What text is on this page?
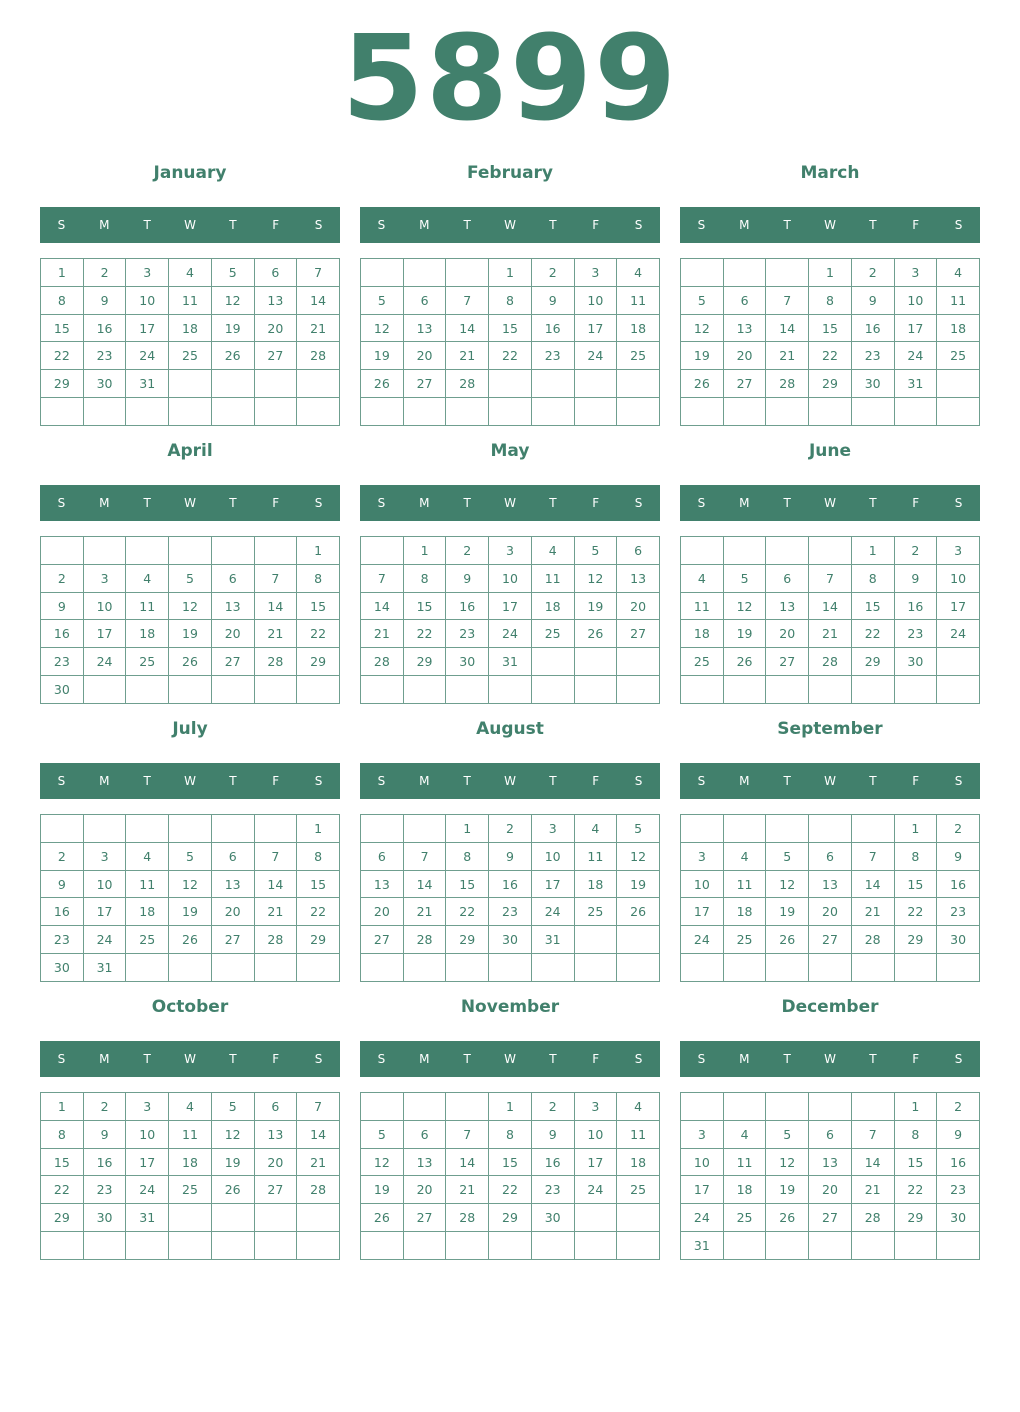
5899
January
S	M	T	W	T	F	S
1	2	3	4	5	6	7
8	9	10	11	12	13	14
15	16	17	18	19	20	21
22	23	24	25	26	27	28
29	30	31				

February
S	M	T	W	T	F	S
			1	2	3	4
5	6	7	8	9	10	11
12	13	14	15	16	17	18
19	20	21	22	23	24	25
26	27	28				

March
S	M	T	W	T	F	S
			1	2	3	4
5	6	7	8	9	10	11
12	13	14	15	16	17	18
19	20	21	22	23	24	25
26	27	28	29	30	31	

April
S	M	T	W	T	F	S
						1
2	3	4	5	6	7	8
9	10	11	12	13	14	15
16	17	18	19	20	21	22
23	24	25	26	27	28	29
30						
May
S	M	T	W	T	F	S
	1	2	3	4	5	6
7	8	9	10	11	12	13
14	15	16	17	18	19	20
21	22	23	24	25	26	27
28	29	30	31			

June
S	M	T	W	T	F	S
				1	2	3
4	5	6	7	8	9	10
11	12	13	14	15	16	17
18	19	20	21	22	23	24
25	26	27	28	29	30	

July
S	M	T	W	T	F	S
						1
2	3	4	5	6	7	8
9	10	11	12	13	14	15
16	17	18	19	20	21	22
23	24	25	26	27	28	29
30	31					
August
S	M	T	W	T	F	S
		1	2	3	4	5
6	7	8	9	10	11	12
13	14	15	16	17	18	19
20	21	22	23	24	25	26
27	28	29	30	31		

September
S	M	T	W	T	F	S
					1	2
3	4	5	6	7	8	9
10	11	12	13	14	15	16
17	18	19	20	21	22	23
24	25	26	27	28	29	30

October
S	M	T	W	T	F	S
1	2	3	4	5	6	7
8	9	10	11	12	13	14
15	16	17	18	19	20	21
22	23	24	25	26	27	28
29	30	31				

November
S	M	T	W	T	F	S
			1	2	3	4
5	6	7	8	9	10	11
12	13	14	15	16	17	18
19	20	21	22	23	24	25
26	27	28	29	30		

December
S	M	T	W	T	F	S
					1	2
3	4	5	6	7	8	9
10	11	12	13	14	15	16
17	18	19	20	21	22	23
24	25	26	27	28	29	30
31						
